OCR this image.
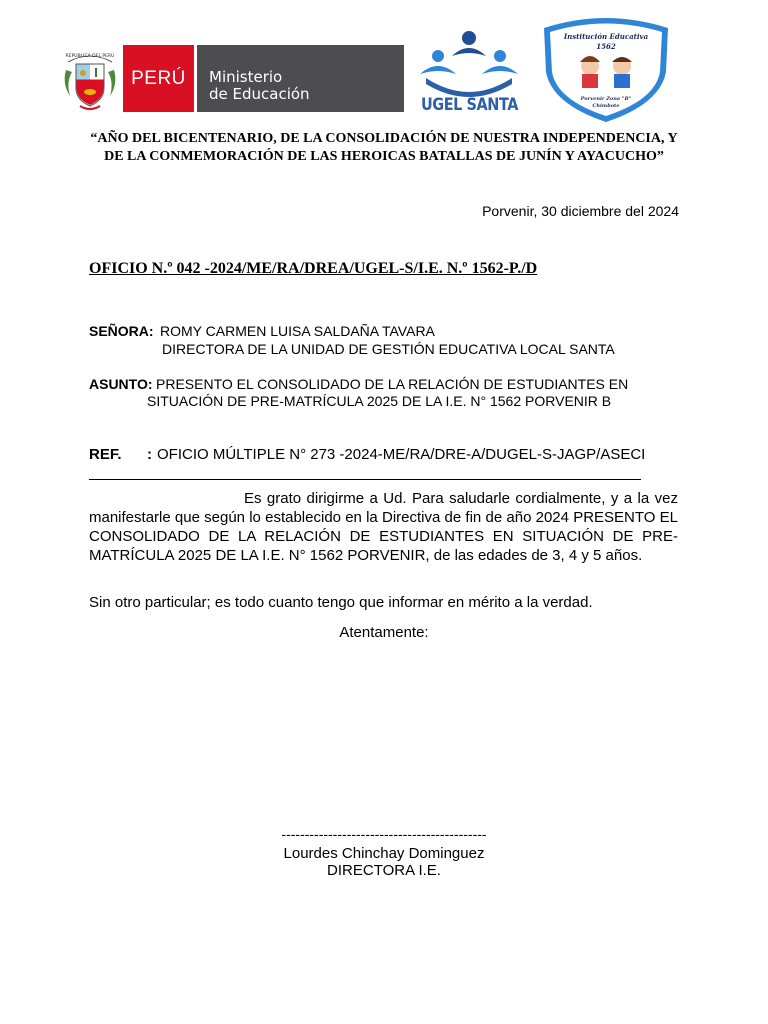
REPÚBLICA DEL PERÚ
PERÚ Ministerio
de Educación
UGEL SANTA
Institución Educativa
1562
Porvenir Zona "B"
Chimbote
“AÑO DEL BICENTENARIO, DE LA CONSOLIDACIÓN DE NUESTRA INDEPENDENCIA, Y
DE LA CONMEMORACIÓN DE LAS HEROICAS BATALLAS DE JUNÍN Y AYACUCHO”
Porvenir, 30 diciembre del 2024
OFICIO N.º 042 -2024/ME/RA/DREA/UGEL-S/I.E. N.º 1562-P./D
SEÑORA: ROMY CARMEN LUISA SALDAÑA TAVARA
DIRECTORA DE LA UNIDAD DE GESTIÓN EDUCATIVA LOCAL SANTA
ASUNTO: PRESENTO EL CONSOLIDADO DE LA RELACIÓN DE ESTUDIANTES EN
SITUACIÓN DE PRE-MATRÍCULA 2025 DE LA I.E. N° 1562 PORVENIR B
REF. : OFICIO MÚLTIPLE N° 273 -2024-ME/RA/DRE-A/DUGEL-S-JAGP/ASECI
Es grato dirigirme a Ud. Para saludarle cordialmente, y a la vez manifestarle que según lo establecido en la Directiva de fin de año 2024 PRESENTO EL CONSOLIDADO DE LA RELACIÓN DE ESTUDIANTES EN SITUACIÓN DE PRE-MATRÍCULA 2025 DE LA I.E. N° 1562 PORVENIR, de las edades de 3, 4 y 5 años.
Sin otro particular; es todo cuanto tengo que informar en mérito a la verdad.
Atentamente:
--------------------------------------------
Lourdes Chinchay Dominguez
DIRECTORA I.E.
